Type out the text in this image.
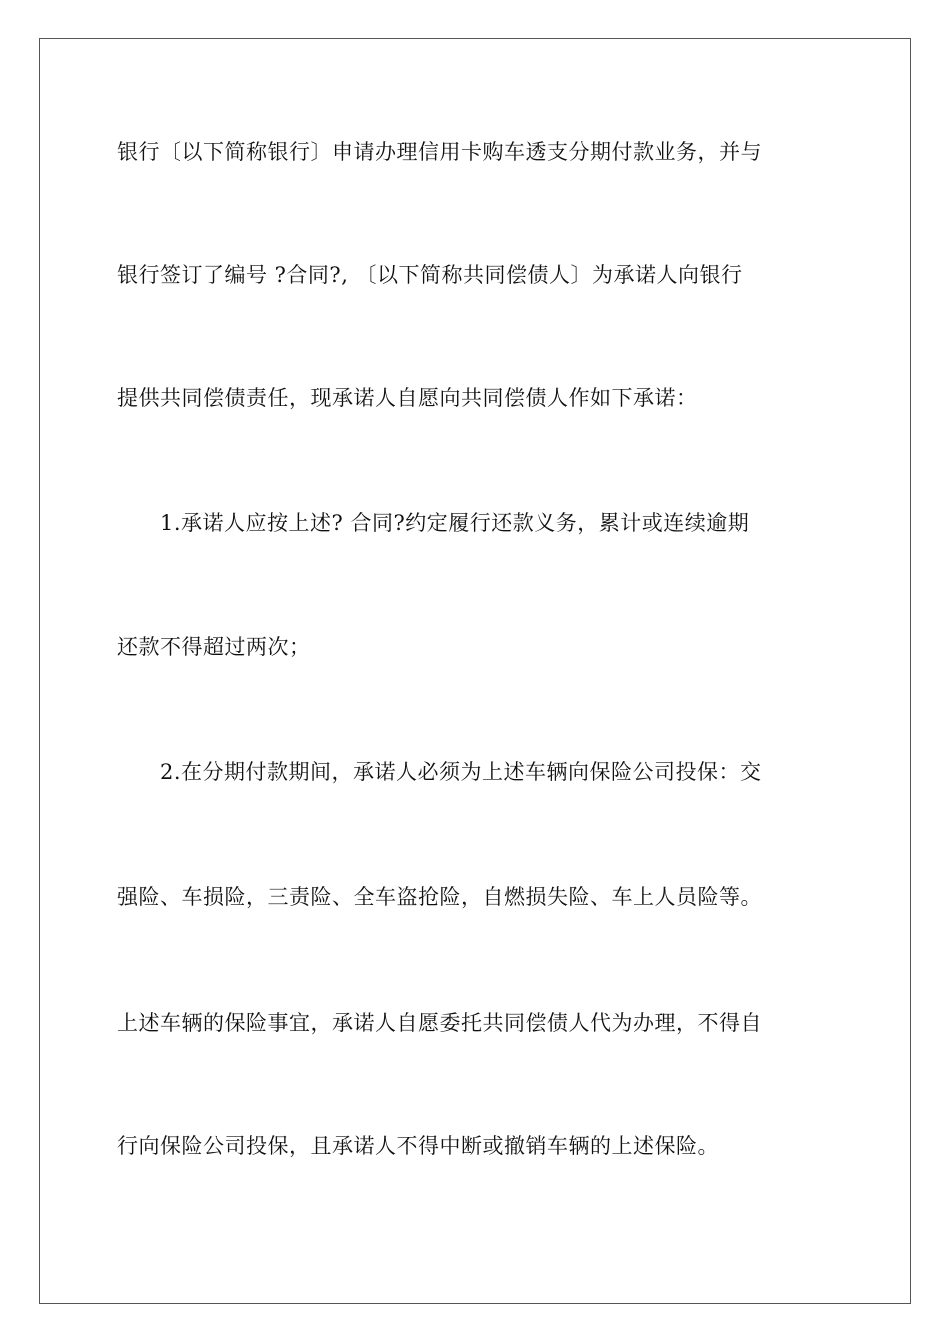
银行〔以下简称银行〕申请办理信用卡购车透支分期付款业务，并与
银行签订了编号 ?合同?, 〔以下简称共同偿债人〕为承诺人向银行
提供共同偿债责任，现承诺人自愿向共同偿债人作如下承诺：
1.承诺人应按上述? 合同?约定履行还款义务，累计或连续逾期
还款不得超过两次；
2.在分期付款期间，承诺人必须为上述车辆向保险公司投保：交
强险、车损险，三责险、全车盗抢险，自燃损失险、车上人员险等。
上述车辆的保险事宜，承诺人自愿委托共同偿债人代为办理，不得自
行向保险公司投保，且承诺人不得中断或撤销车辆的上述保险。
